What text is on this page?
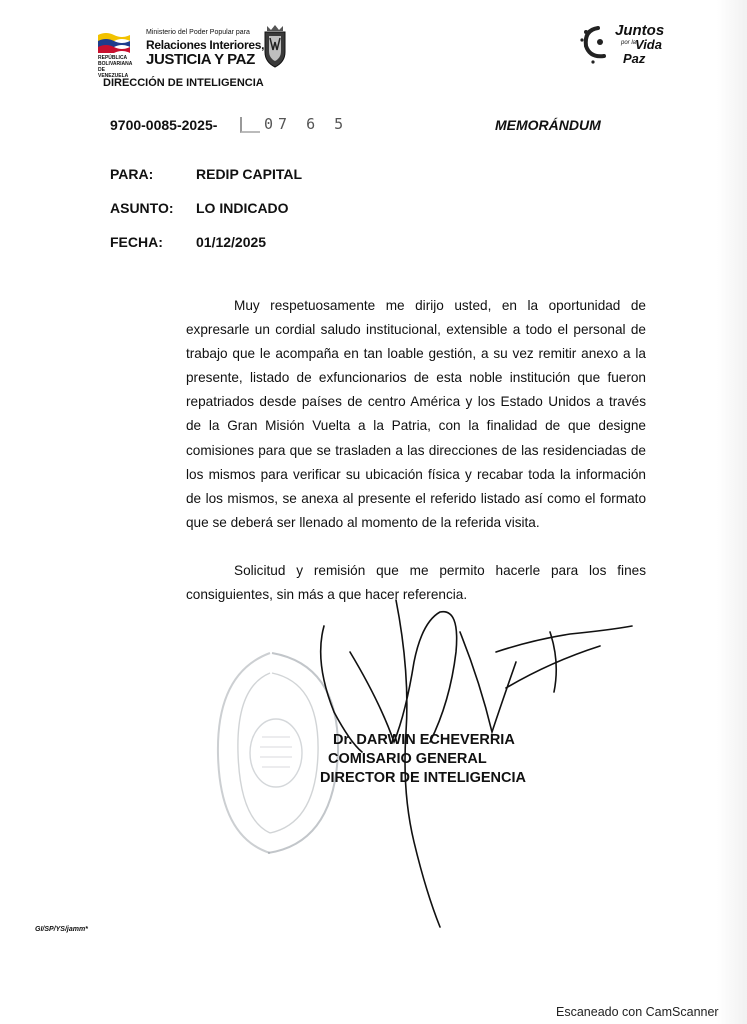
REPÚBLICA BOLIVARIANA DE VENEZUELA
Ministerio del Poder Popular para
Relaciones Interiores,
JUSTICIA Y PAZ
DIRECCIÓN DE INTELIGENCIA
Juntos
por la
Vida
Paz
9700-0085-2025-	07 6 5	MEMORÁNDUM
PARA:	REDIP CAPITAL
ASUNTO: LO INDICADO
FECHA: 01/12/2025

Muy respetuosamente me dirijo usted, en la oportunidad de expresarle un cordial saludo institucional, extensible a todo el personal de trabajo que le acompaña en tan loable gestión, a su vez remitir anexo a la presente, listado de exfuncionarios de esta noble institución que fueron repatriados desde países de centro América y los Estado Unidos a través de la Gran Misión Vuelta a la Patria, con la finalidad de que designe comisiones para que se trasladen a las direcciones de las residenciadas de los mismos para verificar su ubicación física y recabar toda la información de los mismos, se anexa al presente el referido listado así como el formato que se deberá ser llenado al momento de la referida visita.

Solicitud y remisión que me permito hacerle para los fines consiguientes, sin más a que hacer referencia.

Dr. DARWIN ECHEVERRIA
COMISARIO GENERAL
DIRECTOR DE INTELIGENCIA
GI/SP/YS/jamm*
Escaneado con CamScanner
